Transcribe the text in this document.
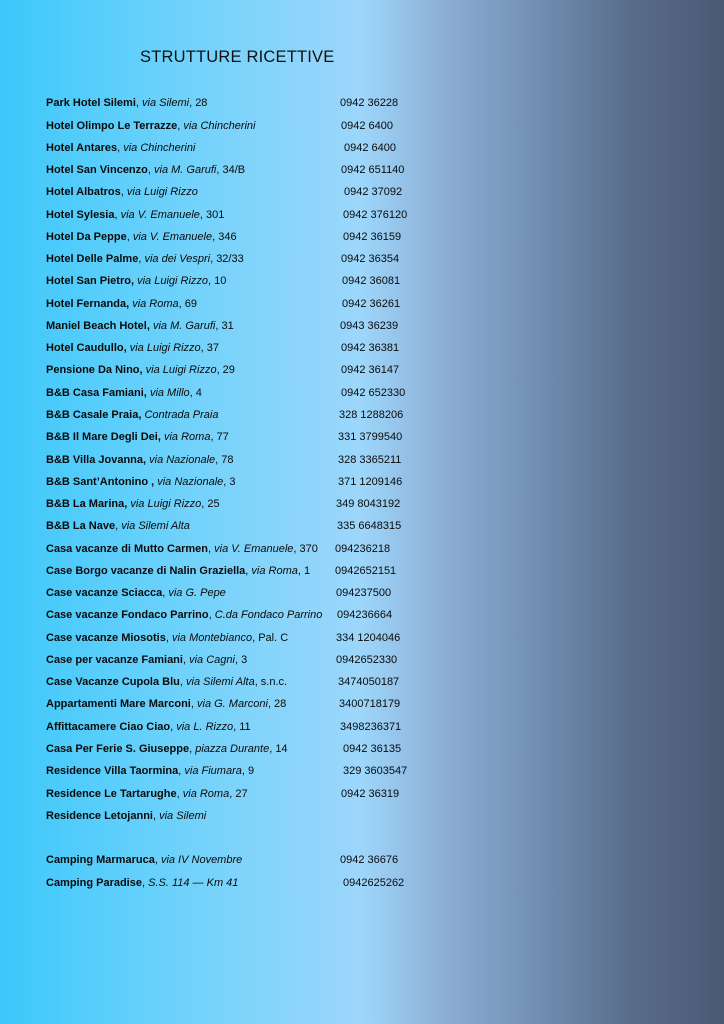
STRUTTURE RICETTIVE
Park Hotel Silemi, via Silemi, 28	0942 36228
Hotel Olimpo Le Terrazze, via Chincherini	0942 6400
Hotel Antares, via Chincherini	0942 6400
Hotel San Vincenzo, via M. Garufi, 34/B	0942 651140
Hotel Albatros, via Luigi Rizzo	0942 37092
Hotel Sylesia, via V. Emanuele, 301	0942 376120
Hotel Da Peppe, via V. Emanuele, 346	0942 36159
Hotel Delle Palme, via dei Vespri, 32/33	0942 36354
Hotel San Pietro, via Luigi Rizzo, 10	0942 36081
Hotel Fernanda, via Roma, 69	0942 36261
Maniel Beach Hotel, via M. Garufi, 31	0943 36239
Hotel Caudullo, via Luigi Rizzo, 37	0942 36381
Pensione Da Nino, via Luigi Rizzo, 29	0942 36147
B&B Casa Famiani, via Millo, 4	0942 652330
B&B Casale Praia, Contrada Praia	328 1288206
B&B Il Mare Degli Dei, via Roma, 77	331 3799540
B&B Villa Jovanna, via Nazionale, 78	328 3365211
B&B Sant’Antonino , via Nazionale, 3	371 1209146
B&B La Marina, via Luigi Rizzo, 25	349 8043192
B&B La Nave, via Silemi Alta	335 6648315
Casa vacanze di Mutto Carmen, via V. Emanuele, 370 094236218
Case Borgo vacanze di Nalin Graziella, via Roma, 1 0942652151
Case vacanze Sciacca, via G. Pepe	094237500
Case vacanze Fondaco Parrino, C.da Fondaco Parrino 094236664
Case vacanze Miosotis, via Montebianco, Pal. C	334 1204046
Case per vacanze Famiani, via Cagni, 3	0942652330
Case Vacanze Cupola Blu, via Silemi Alta, s.n.c.	3474050187
Appartamenti Mare Marconi, via G. Marconi, 28	3400718179
Affittacamere Ciao Ciao, via L. Rizzo, 11	3498236371
Casa Per Ferie S. Giuseppe, piazza Durante, 14	0942 36135
Residence Villa Taormina, via Fiumara, 9	329 3603547
Residence Le Tartarughe, via Roma, 27	0942 36319
Residence Letojanni, via Silemi
Camping Marmaruca, via IV Novembre	0942 36676
Camping Paradise, S.S. 114 — Km 41	0942625262
